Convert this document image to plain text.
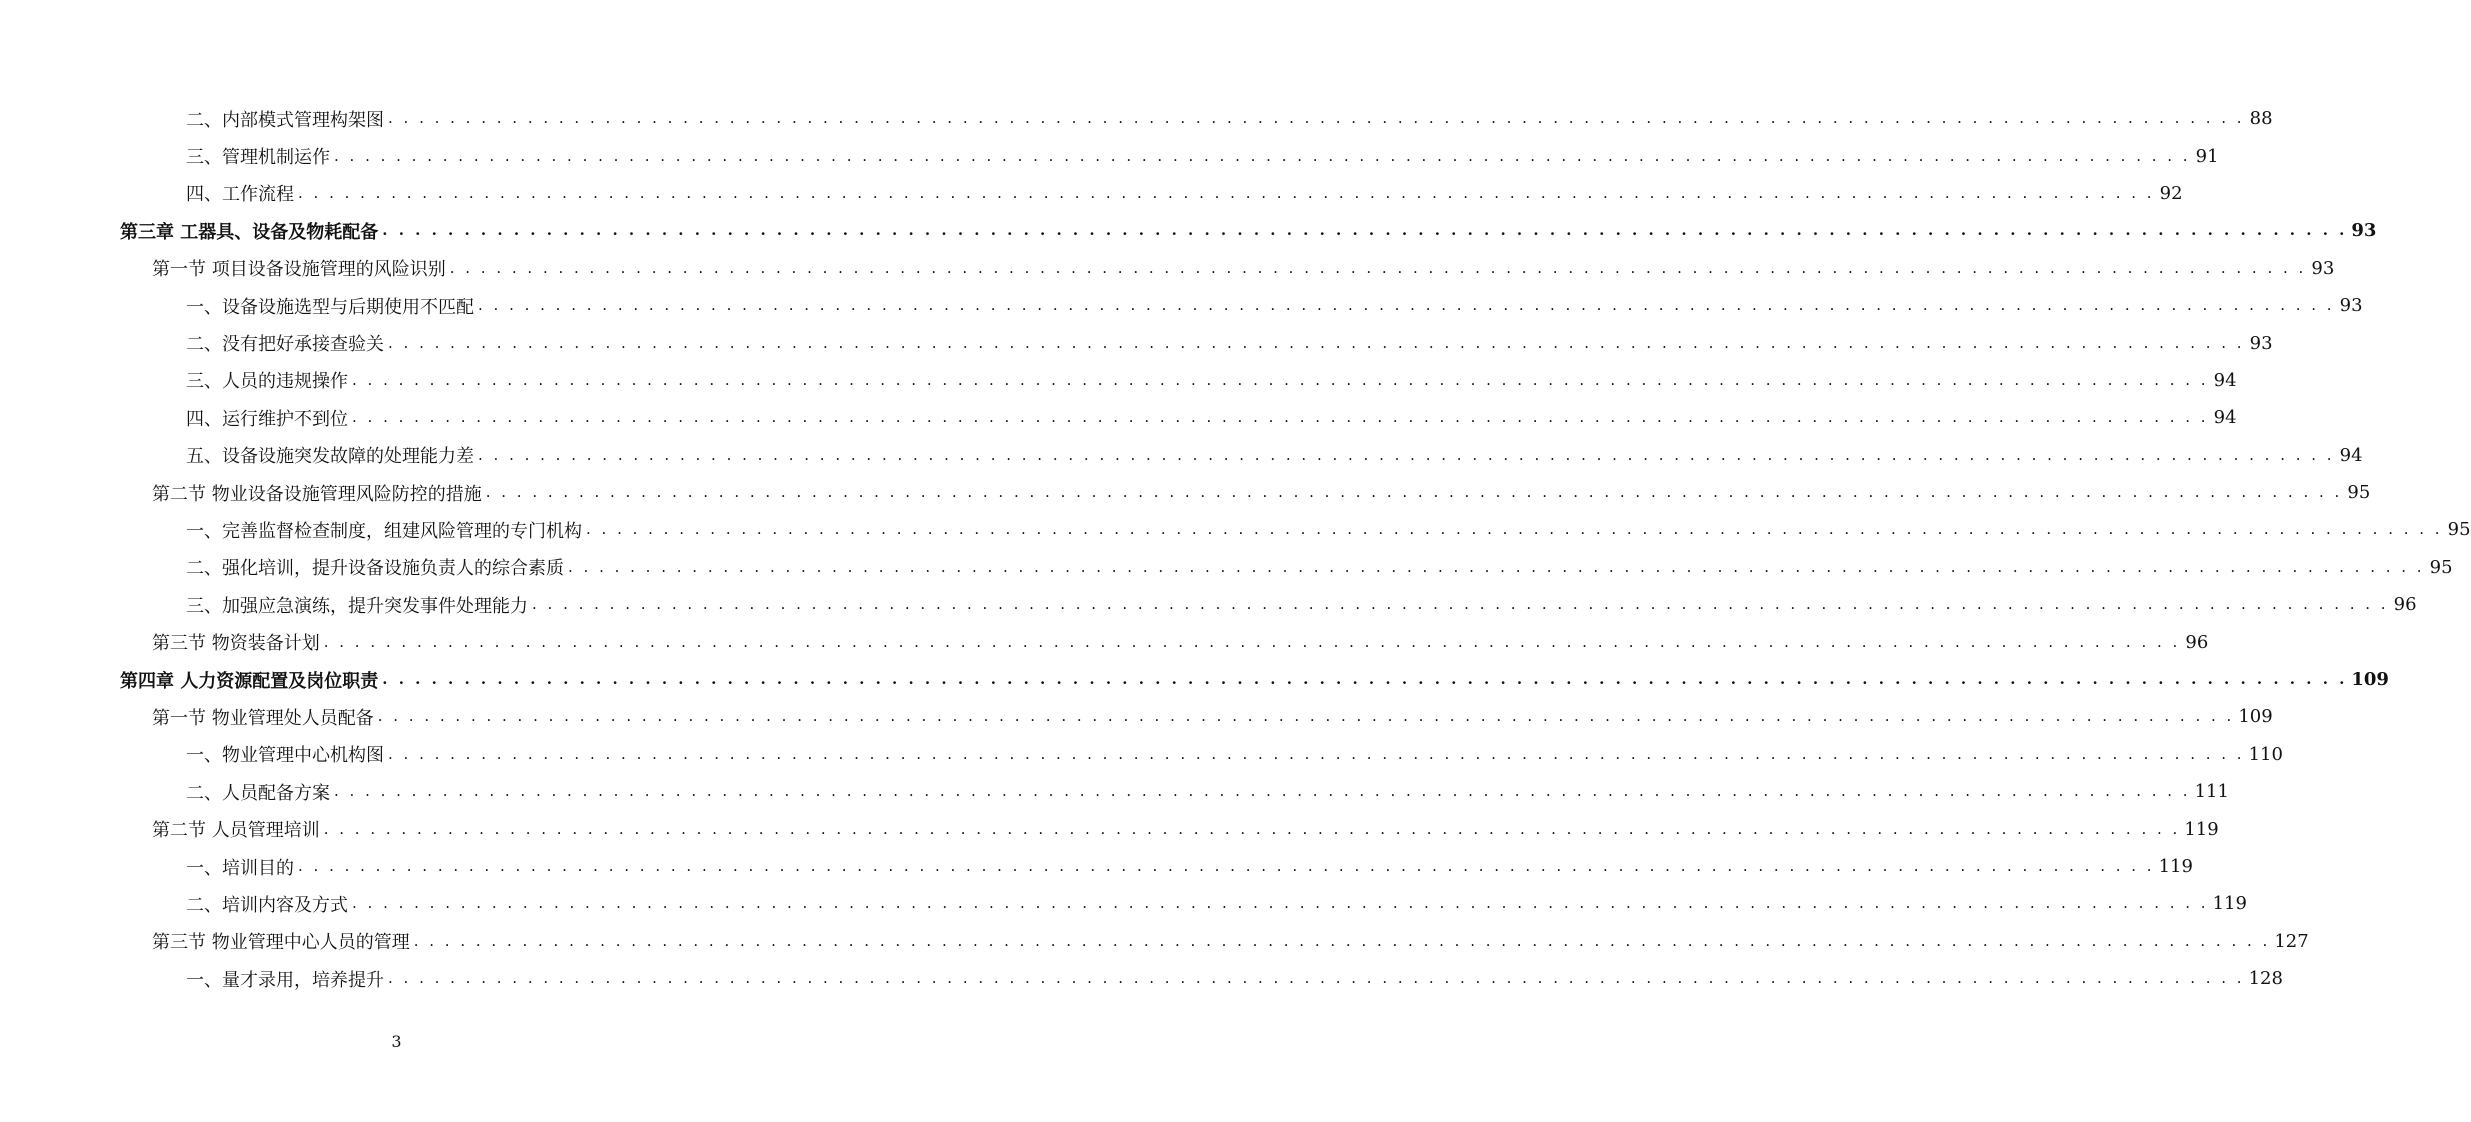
二、内部模式管理构架图 . . . . . . . . . . . . . . . . . . . . . . . . . . . . . . . . . . . . . . . . . . . . . . . . . . . . . . . . . . . . . . . . . . . . . . . . . . . . . . . . . . . . . . . . . . . . . . . . . . . . . . . . . . . . . . . . . . . . . . . . 88
三、管理机制运作 . . . . . . . . . . . . . . . . . . . . . . . . . . . . . . . . . . . . . . . . . . . . . . . . . . . . . . . . . . . . . . . . . . . . . . . . . . . . . . . . . . . . . . . . . . . . . . . . . . . . . . . . . . . . . . . . . . . . . . . . 91
四、工作流程 . . . . . . . . . . . . . . . . . . . . . . . . . . . . . . . . . . . . . . . . . . . . . . . . . . . . . . . . . . . . . . . . . . . . . . . . . . . . . . . . . . . . . . . . . . . . . . . . . . . . . . . . . . . . . . . . . . . . . . . . 92
第三章 工器具、设备及物耗配备 . . . . . . . . . . . . . . . . . . . . . . . . . . . . . . . . . . . . . . . . . . . . . . . . . . . . . . . . . . . . . . . . . . . . . . . . . . . . . . . . . . . . . . . . . . . . . . . . . . . . . . . . . . . . . . . . . . . . . . . . 93
第一节 项目设备设施管理的风险识别 . . . . . . . . . . . . . . . . . . . . . . . . . . . . . . . . . . . . . . . . . . . . . . . . . . . . . . . . . . . . . . . . . . . . . . . . . . . . . . . . . . . . . . . . . . . . . . . . . . . . . . . . . . . . . . . . . . . . . . . . 93
一、设备设施选型与后期使用不匹配 . . . . . . . . . . . . . . . . . . . . . . . . . . . . . . . . . . . . . . . . . . . . . . . . . . . . . . . . . . . . . . . . . . . . . . . . . . . . . . . . . . . . . . . . . . . . . . . . . . . . . . . . . . . . . . . . . . . . . . . . 93
二、没有把好承接查验关 . . . . . . . . . . . . . . . . . . . . . . . . . . . . . . . . . . . . . . . . . . . . . . . . . . . . . . . . . . . . . . . . . . . . . . . . . . . . . . . . . . . . . . . . . . . . . . . . . . . . . . . . . . . . . . . . . . . . . . . . 93
三、人员的违规操作 . . . . . . . . . . . . . . . . . . . . . . . . . . . . . . . . . . . . . . . . . . . . . . . . . . . . . . . . . . . . . . . . . . . . . . . . . . . . . . . . . . . . . . . . . . . . . . . . . . . . . . . . . . . . . . . . . . . . . . . . 94
四、运行维护不到位 . . . . . . . . . . . . . . . . . . . . . . . . . . . . . . . . . . . . . . . . . . . . . . . . . . . . . . . . . . . . . . . . . . . . . . . . . . . . . . . . . . . . . . . . . . . . . . . . . . . . . . . . . . . . . . . . . . . . . . . . 94
五、设备设施突发故障的处理能力差 . . . . . . . . . . . . . . . . . . . . . . . . . . . . . . . . . . . . . . . . . . . . . . . . . . . . . . . . . . . . . . . . . . . . . . . . . . . . . . . . . . . . . . . . . . . . . . . . . . . . . . . . . . . . . . . . . . . . . . . . 94
第二节 物业设备设施管理风险防控的措施 . . . . . . . . . . . . . . . . . . . . . . . . . . . . . . . . . . . . . . . . . . . . . . . . . . . . . . . . . . . . . . . . . . . . . . . . . . . . . . . . . . . . . . . . . . . . . . . . . . . . . . . . . . . . . . . . . . . . . . . . 95
一、完善监督检查制度，组建风险管理的专门机构 . . . . . . . . . . . . . . . . . . . . . . . . . . . . . . . . . . . . . . . . . . . . . . . . . . . . . . . . . . . . . . . . . . . . . . . . . . . . . . . . . . . . . . . . . . . . . . . . . . . . . . . . . . . . . . . . . . . . . . . . 95
二、强化培训，提升设备设施负责人的综合素质 . . . . . . . . . . . . . . . . . . . . . . . . . . . . . . . . . . . . . . . . . . . . . . . . . . . . . . . . . . . . . . . . . . . . . . . . . . . . . . . . . . . . . . . . . . . . . . . . . . . . . . . . . . . . . . . . . . . . . . . . 95
三、加强应急演练，提升突发事件处理能力 . . . . . . . . . . . . . . . . . . . . . . . . . . . . . . . . . . . . . . . . . . . . . . . . . . . . . . . . . . . . . . . . . . . . . . . . . . . . . . . . . . . . . . . . . . . . . . . . . . . . . . . . . . . . . . . . . . . . . . . . 96
第三节 物资装备计划 . . . . . . . . . . . . . . . . . . . . . . . . . . . . . . . . . . . . . . . . . . . . . . . . . . . . . . . . . . . . . . . . . . . . . . . . . . . . . . . . . . . . . . . . . . . . . . . . . . . . . . . . . . . . . . . . . . . . . . . . 96
第四章 人力资源配置及岗位职责 . . . . . . . . . . . . . . . . . . . . . . . . . . . . . . . . . . . . . . . . . . . . . . . . . . . . . . . . . . . . . . . . . . . . . . . . . . . . . . . . . . . . . . . . . . . . . . . . . . . . . . . . . . . . . . . . . . . . . . . . 109
第一节 物业管理处人员配备 . . . . . . . . . . . . . . . . . . . . . . . . . . . . . . . . . . . . . . . . . . . . . . . . . . . . . . . . . . . . . . . . . . . . . . . . . . . . . . . . . . . . . . . . . . . . . . . . . . . . . . . . . . . . . . . . . . . . . . . . 109
一、物业管理中心机构图 . . . . . . . . . . . . . . . . . . . . . . . . . . . . . . . . . . . . . . . . . . . . . . . . . . . . . . . . . . . . . . . . . . . . . . . . . . . . . . . . . . . . . . . . . . . . . . . . . . . . . . . . . . . . . . . . . . . . . . . . 110
二、人员配备方案 . . . . . . . . . . . . . . . . . . . . . . . . . . . . . . . . . . . . . . . . . . . . . . . . . . . . . . . . . . . . . . . . . . . . . . . . . . . . . . . . . . . . . . . . . . . . . . . . . . . . . . . . . . . . . . . . . . . . . . . . 111
第二节 人员管理培训 . . . . . . . . . . . . . . . . . . . . . . . . . . . . . . . . . . . . . . . . . . . . . . . . . . . . . . . . . . . . . . . . . . . . . . . . . . . . . . . . . . . . . . . . . . . . . . . . . . . . . . . . . . . . . . . . . . . . . . . . 119
一、培训目的 . . . . . . . . . . . . . . . . . . . . . . . . . . . . . . . . . . . . . . . . . . . . . . . . . . . . . . . . . . . . . . . . . . . . . . . . . . . . . . . . . . . . . . . . . . . . . . . . . . . . . . . . . . . . . . . . . . . . . . . . 119
二、培训内容及方式 . . . . . . . . . . . . . . . . . . . . . . . . . . . . . . . . . . . . . . . . . . . . . . . . . . . . . . . . . . . . . . . . . . . . . . . . . . . . . . . . . . . . . . . . . . . . . . . . . . . . . . . . . . . . . . . . . . . . . . . . 119
第三节 物业管理中心人员的管理 . . . . . . . . . . . . . . . . . . . . . . . . . . . . . . . . . . . . . . . . . . . . . . . . . . . . . . . . . . . . . . . . . . . . . . . . . . . . . . . . . . . . . . . . . . . . . . . . . . . . . . . . . . . . . . . . . . . . . . . . 127
一、量才录用，培养提升 . . . . . . . . . . . . . . . . . . . . . . . . . . . . . . . . . . . . . . . . . . . . . . . . . . . . . . . . . . . . . . . . . . . . . . . . . . . . . . . . . . . . . . . . . . . . . . . . . . . . . . . . . . . . . . . . . . . . . . . . 128
3
